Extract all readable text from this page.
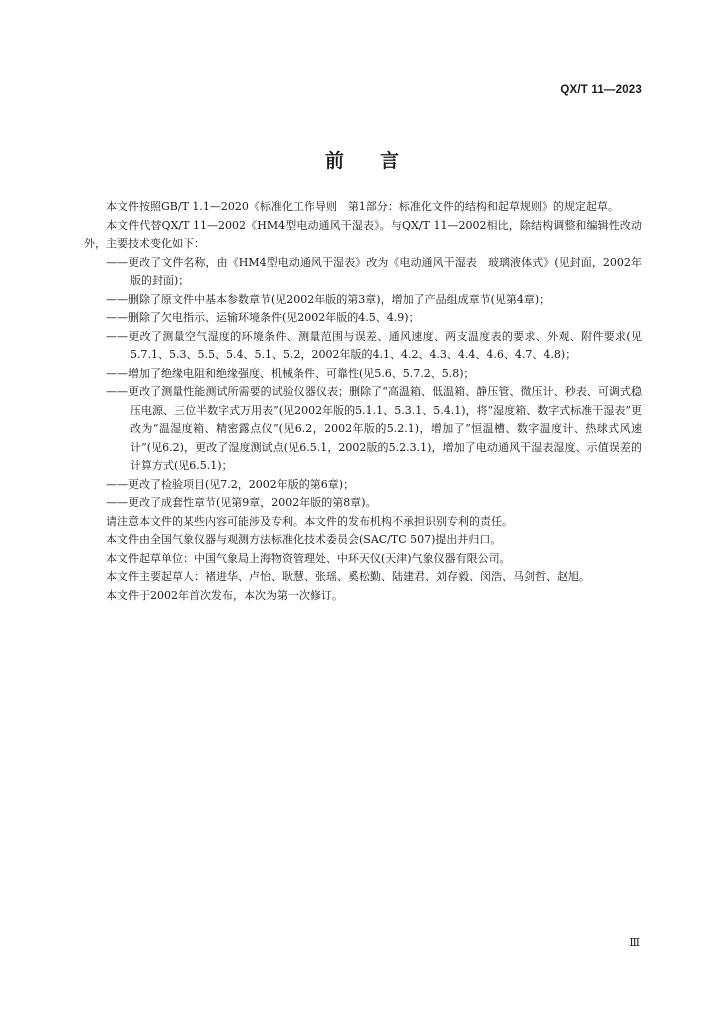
QX/T 11—2023
前言

本文件按照GB/T 1.1—2020《标准化工作导则　第1部分：标准化文件的结构和起草规则》的规定起草。

本文件代替QX/T 11—2002《HM4型电动通风干湿表》。与QX/T 11—2002相比，除结构调整和编辑性改动外，主要技术变化如下：

——更改了文件名称，由《HM4型电动通风干湿表》改为《电动通风干湿表　玻璃液体式》(见封面，2002年版的封面)；

——删除了原文件中基本参数章节(见2002年版的第3章)，增加了产品组成章节(见第4章)；

——删除了欠电指示、运输环境条件(见2002年版的4.5、4.9)；

——更改了测量空气湿度的环境条件、测量范围与误差、通风速度、两支温度表的要求、外观、附件要求(见5.7.1、5.3、5.5、5.4、5.1、5.2，2002年版的4.1、4.2、4.3、4.4、4.6、4.7、4.8)；

——增加了绝缘电阻和绝缘强度、机械条件、可靠性(见5.6、5.7.2、5.8)；

——更改了测量性能测试所需要的试验仪器仪表；删除了“高温箱、低温箱、静压管、微压计、秒表、可调式稳压电源、三位半数字式万用表”(见2002年版的5.1.1、5.3.1、5.4.1)，将“湿度箱、数字式标准干湿表”更改为“温湿度箱、精密露点仪”(见6.2，2002年版的5.2.1)，增加了“恒温槽、数字温度计、热球式风速计”(见6.2)，更改了湿度测试点(见6.5.1，2002版的5.2.3.1)，增加了电动通风干湿表湿度、示值误差的计算方式(见6.5.1)；

——更改了检验项目(见7.2，2002年版的第6章)；

——更改了成套性章节(见第9章，2002年版的第8章)。

请注意本文件的某些内容可能涉及专利。本文件的发布机构不承担识别专利的责任。

本文件由全国气象仪器与观测方法标准化技术委员会(SAC/TC 507)提出并归口。

本文件起草单位：中国气象局上海物资管理处、中环天仪(天津)气象仪器有限公司。

本文件主要起草人：褚进华、卢怡、耿慧、张瑶、奚松勤、陆建君、刘存毅、闵浩、马剑哲、赵旭。

本文件于2002年首次发布，本次为第一次修订。

Ⅲ
